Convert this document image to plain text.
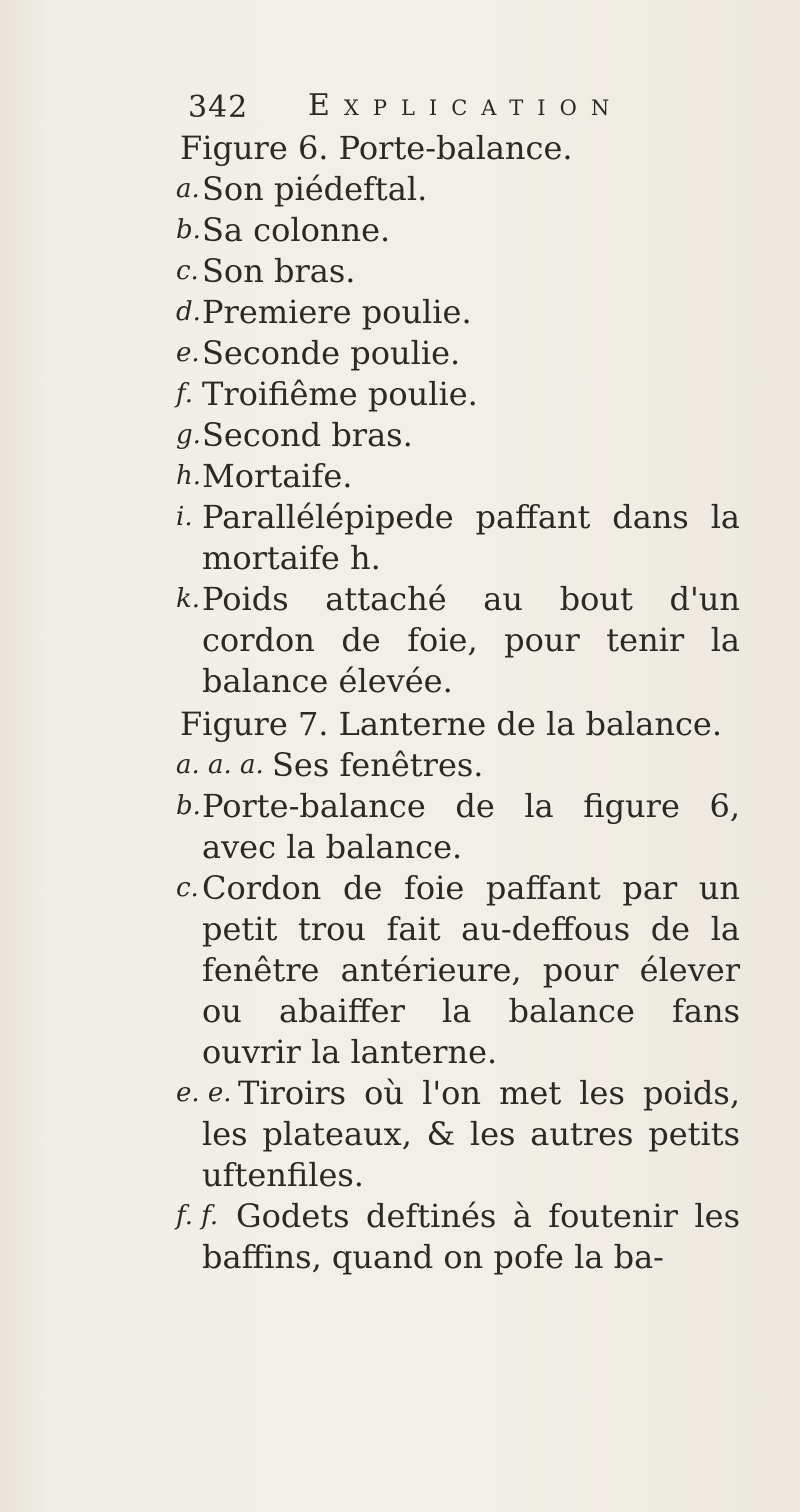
342 Explication
Figure 6. Porte-balance.
a. Son piédeftal.
b. Sa colonne.
c. Son bras.
d. Premiere poulie.
e. Seconde poulie.
f. Troifiême poulie.
g. Second bras.
h. Mortaife.
i. Parallélépipede paffant dans la mortaife h.
k. Poids attaché au bout d'un cordon de foie, pour tenir la balance élevée.
Figure 7. Lanterne de la balance.
a. a. a. Ses fenêtres.
b. Porte-balance de la figure 6, avec la balance.
c. Cordon de foie paffant par un petit trou fait au-deffous de la fenêtre antérieure, pour élever ou abaiffer la balance fans ouvrir la lanterne.
e. e. Tiroirs où l'on met les poids, les plateaux, & les autres petits uftenfiles.
f. f. Godets deftinés à foutenir les baffins, quand on pofe la ba-
